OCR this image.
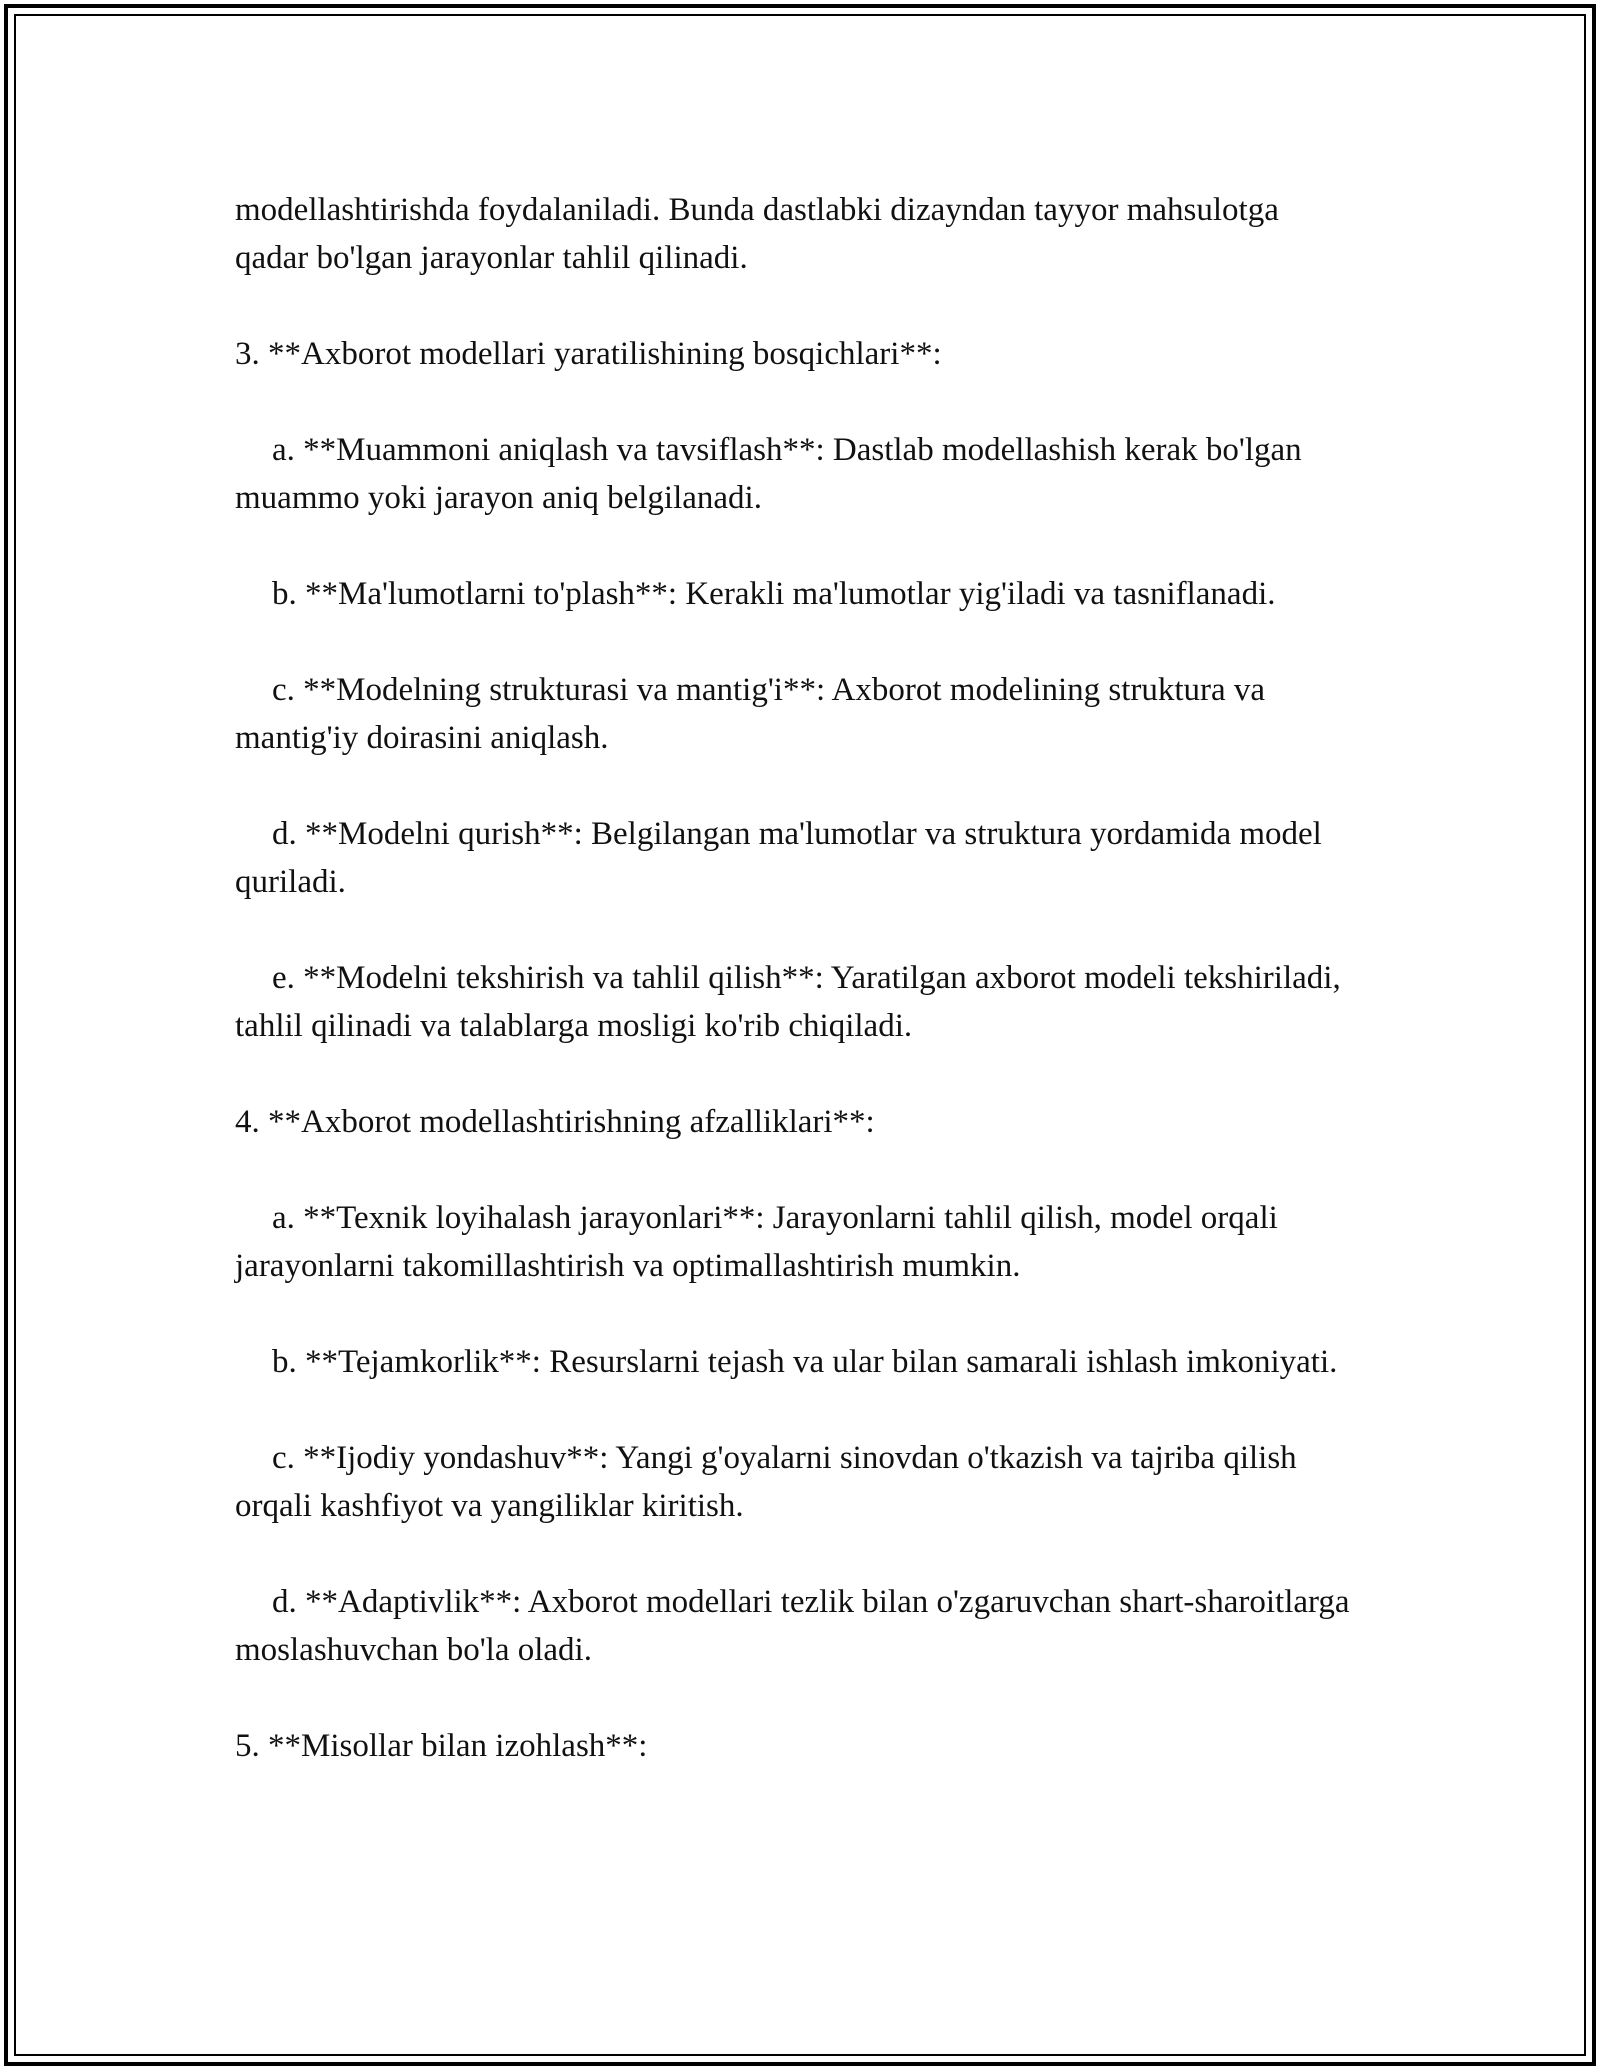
modellashtirishda foydalaniladi. Bunda dastlabki dizayndan tayyor mahsulotga qadar bo'lgan jarayonlar tahlil qilinadi.

3. **Axborot modellari yaratilishining bosqichlari**:

a. **Muammoni aniqlash va tavsiflash**: Dastlab modellashish kerak bo'lgan muammo yoki jarayon aniq belgilanadi.

b. **Ma'lumotlarni to'plash**: Kerakli ma'lumotlar yig'iladi va tasniflanadi.

c. **Modelning strukturasi va mantig'i**: Axborot modelining struktura va mantig'iy doirasini aniqlash.

d. **Modelni qurish**: Belgilangan ma'lumotlar va struktura yordamida model quriladi.

e. **Modelni tekshirish va tahlil qilish**: Yaratilgan axborot modeli tekshiriladi, tahlil qilinadi va talablarga mosligi ko'rib chiqiladi.

4. **Axborot modellashtirishning afzalliklari**:

a. **Texnik loyihalash jarayonlari**: Jarayonlarni tahlil qilish, model orqali jarayonlarni takomillashtirish va optimallashtirish mumkin.

b. **Tejamkorlik**: Resurslarni tejash va ular bilan samarali ishlash imkoniyati.

c. **Ijodiy yondashuv**: Yangi g'oyalarni sinovdan o'tkazish va tajriba qilish orqali kashfiyot va yangiliklar kiritish.

d. **Adaptivlik**: Axborot modellari tezlik bilan o'zgaruvchan shart-sharoitlarga moslashuvchan bo'la oladi.

5. **Misollar bilan izohlash**:
